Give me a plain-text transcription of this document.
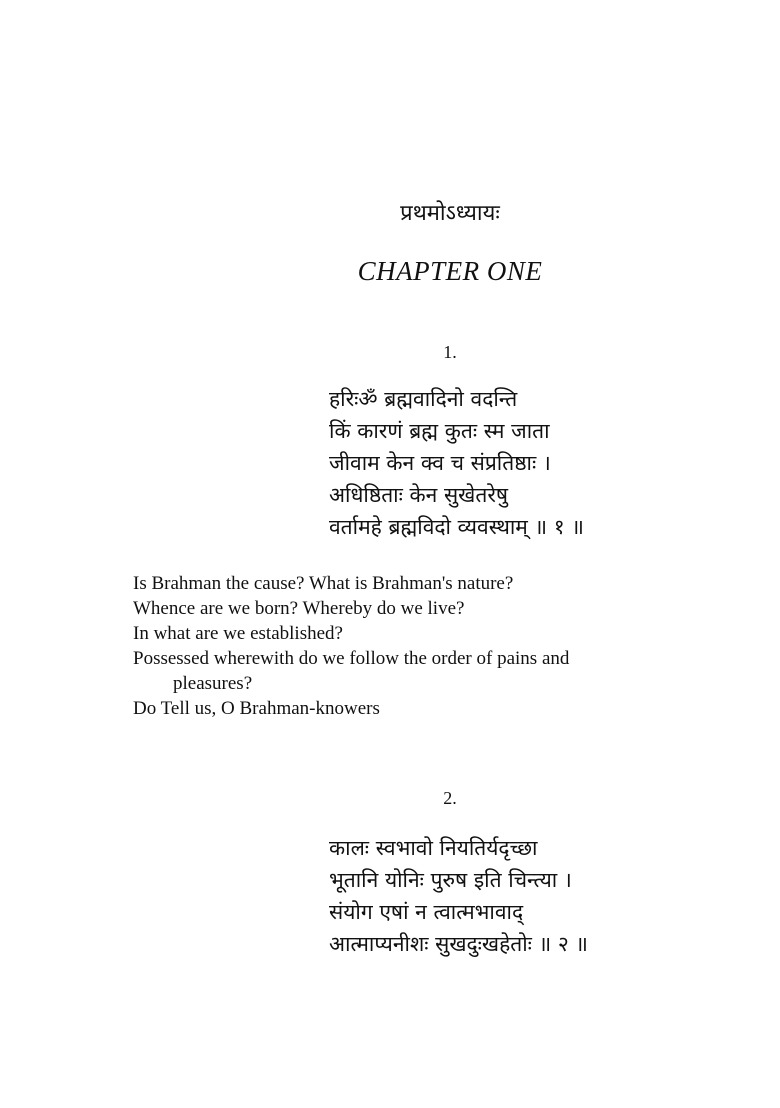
प्रथमोऽध्यायः
CHAPTER ONE
1.
हरिःॐ ब्रह्मवादिनो वदन्ति
किं कारणं ब्रह्म कुतः स्म जाता
जीवाम केन क्व च संप्रतिष्ठाः ।
अधिष्ठिताः केन सुखेतरेषु
वर्तामहे ब्रह्मविदो व्यवस्थाम् ॥ १ ॥
Is Brahman the cause? What is Brahman's nature?
Whence are we born? Whereby do we live?
In what are we established?
Possessed wherewith do we follow the order of pains and
pleasures?
Do Tell us, O Brahman-knowers
2.
कालः स्वभावो नियतिर्यदृच्छा
भूतानि योनिः पुरुष इति चिन्त्या ।
संयोग एषां न त्वात्मभावाद्
आत्माप्यनीशः सुखदुःखहेतोः ॥ २ ॥
